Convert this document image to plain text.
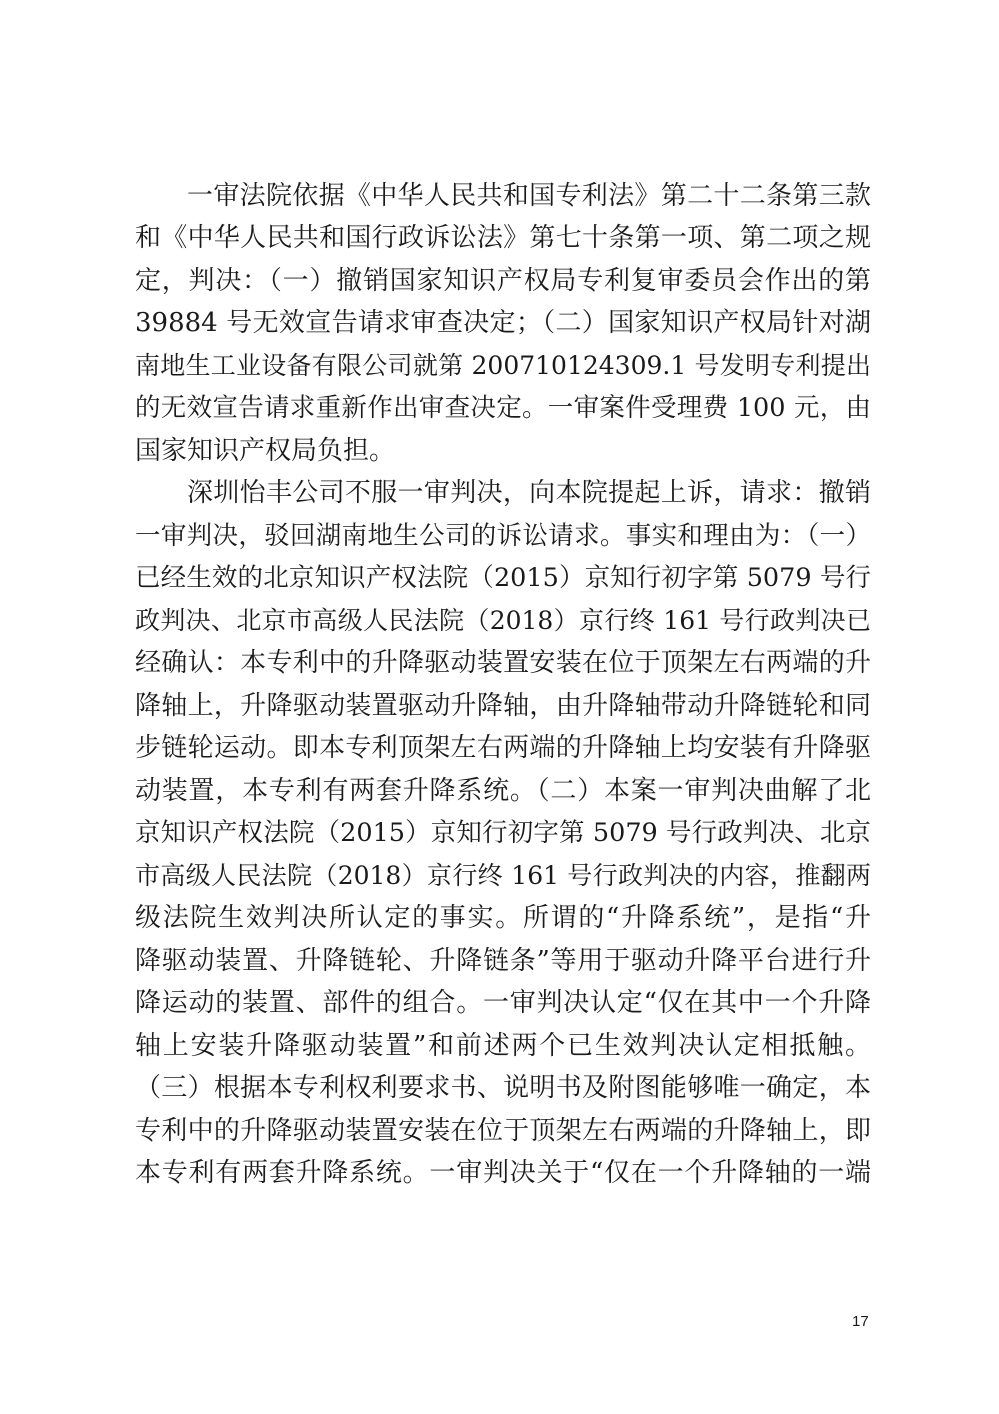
一审法院依据《中华人民共和国专利法》第二十二条第三款
和《中华人民共和国行政诉讼法》第七十条第一项、第二项之规
定，判决：（一）撤销国家知识产权局专利复审委员会作出的第
39884 号无效宣告请求审查决定；（二）国家知识产权局针对湖
南地生工业设备有限公司就第 200710124309.1 号发明专利提出
的无效宣告请求重新作出审查决定。一审案件受理费 100 元，由
国家知识产权局负担。
深圳怡丰公司不服一审判决，向本院提起上诉，请求：撤销
一审判决，驳回湖南地生公司的诉讼请求。事实和理由为：（一）
已经生效的北京知识产权法院（2015）京知行初字第 5079 号行
政判决、北京市高级人民法院（2018）京行终 161 号行政判决已
经确认：本专利中的升降驱动装置安装在位于顶架左右两端的升
降轴上，升降驱动装置驱动升降轴，由升降轴带动升降链轮和同
步链轮运动。即本专利顶架左右两端的升降轴上均安装有升降驱
动装置，本专利有两套升降系统。（二）本案一审判决曲解了北
京知识产权法院（2015）京知行初字第 5079 号行政判决、北京
市高级人民法院（2018）京行终 161 号行政判决的内容，推翻两
级法院生效判决所认定的事实。所谓的“升降系统”，是指“升
降驱动装置、升降链轮、升降链条”等用于驱动升降平台进行升
降运动的装置、部件的组合。一审判决认定“仅在其中一个升降
轴上安装升降驱动装置”和前述两个已生效判决认定相抵触。
（三）根据本专利权利要求书、说明书及附图能够唯一确定，本
专利中的升降驱动装置安装在位于顶架左右两端的升降轴上，即
本专利有两套升降系统。一审判决关于“仅在一个升降轴的一端
17
